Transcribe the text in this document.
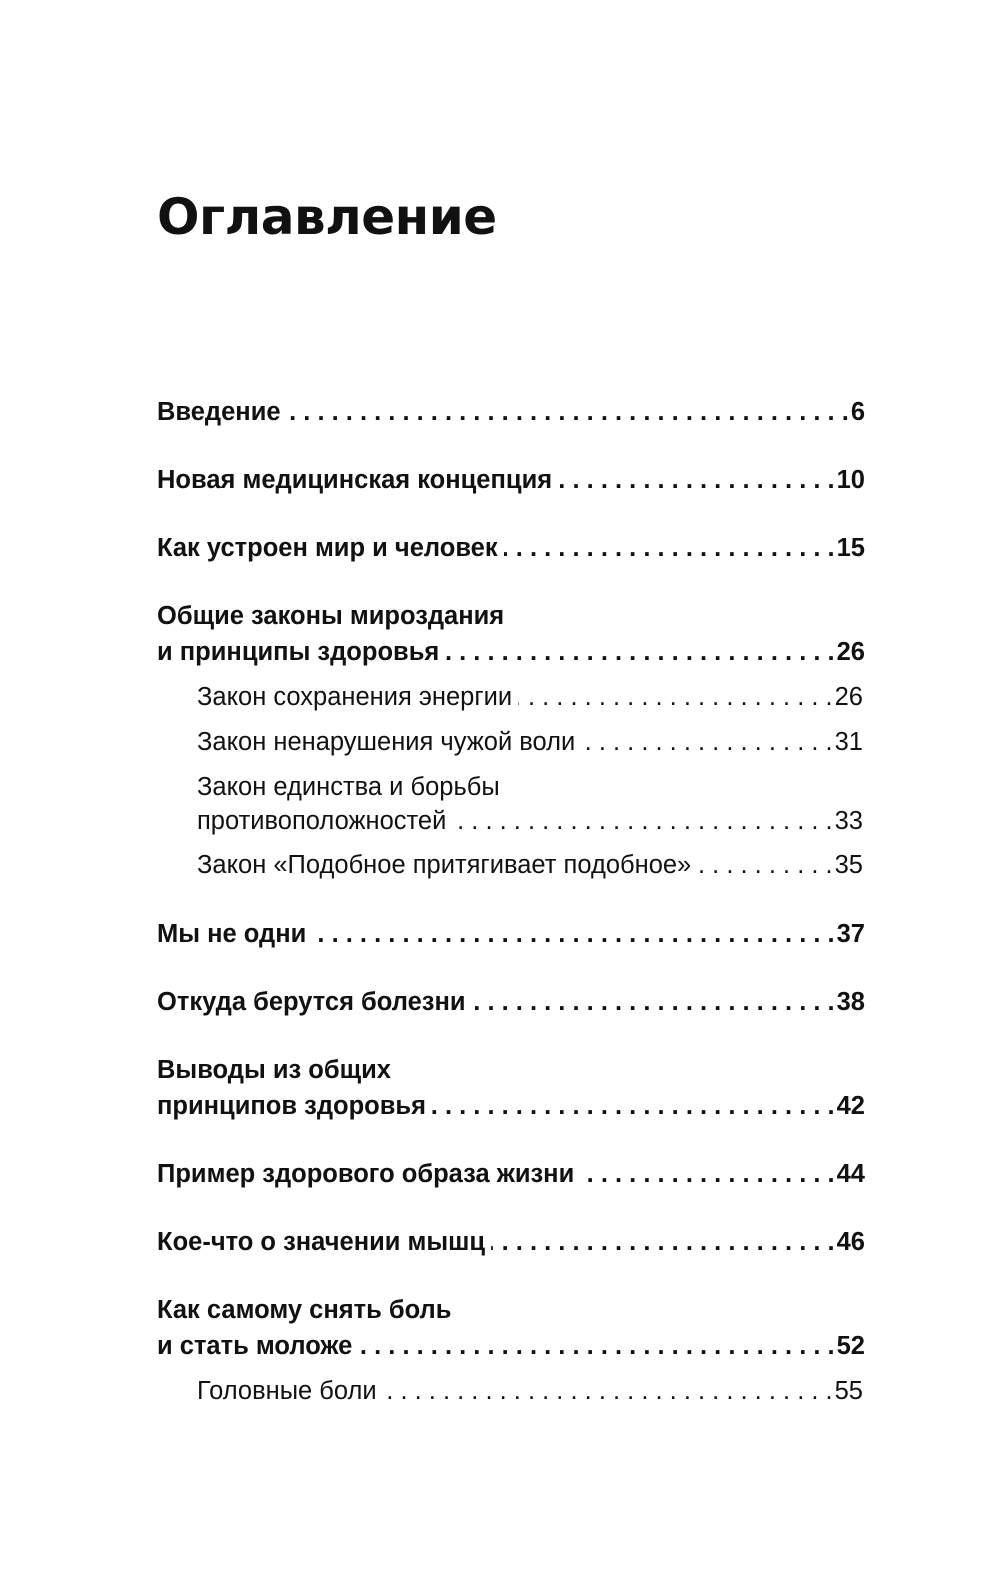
Оглавление
Введение . . .	6
Новая медицинская концепция . . .	10
Как устроен мир и человек . . .	15
Общие законы мироздания
и принципы здоровья . . .	26
Закон сохранения энергии . . .	26
Закон ненарушения чужой воли . . .	31
Закон единства и борьбы
противоположностей . . .	33
Закон «Подобное притягивает подобное» . . .	35
Мы не одни . . .	37
Откуда берутся болезни . . .	38
Выводы из общих
принципов здоровья . . .	42
Пример здорового образа жизни . . .	44
Кое-что о значении мышц . . .	46
Как самому снять боль
и стать моложе . . .	52
Головные боли . . .	55
